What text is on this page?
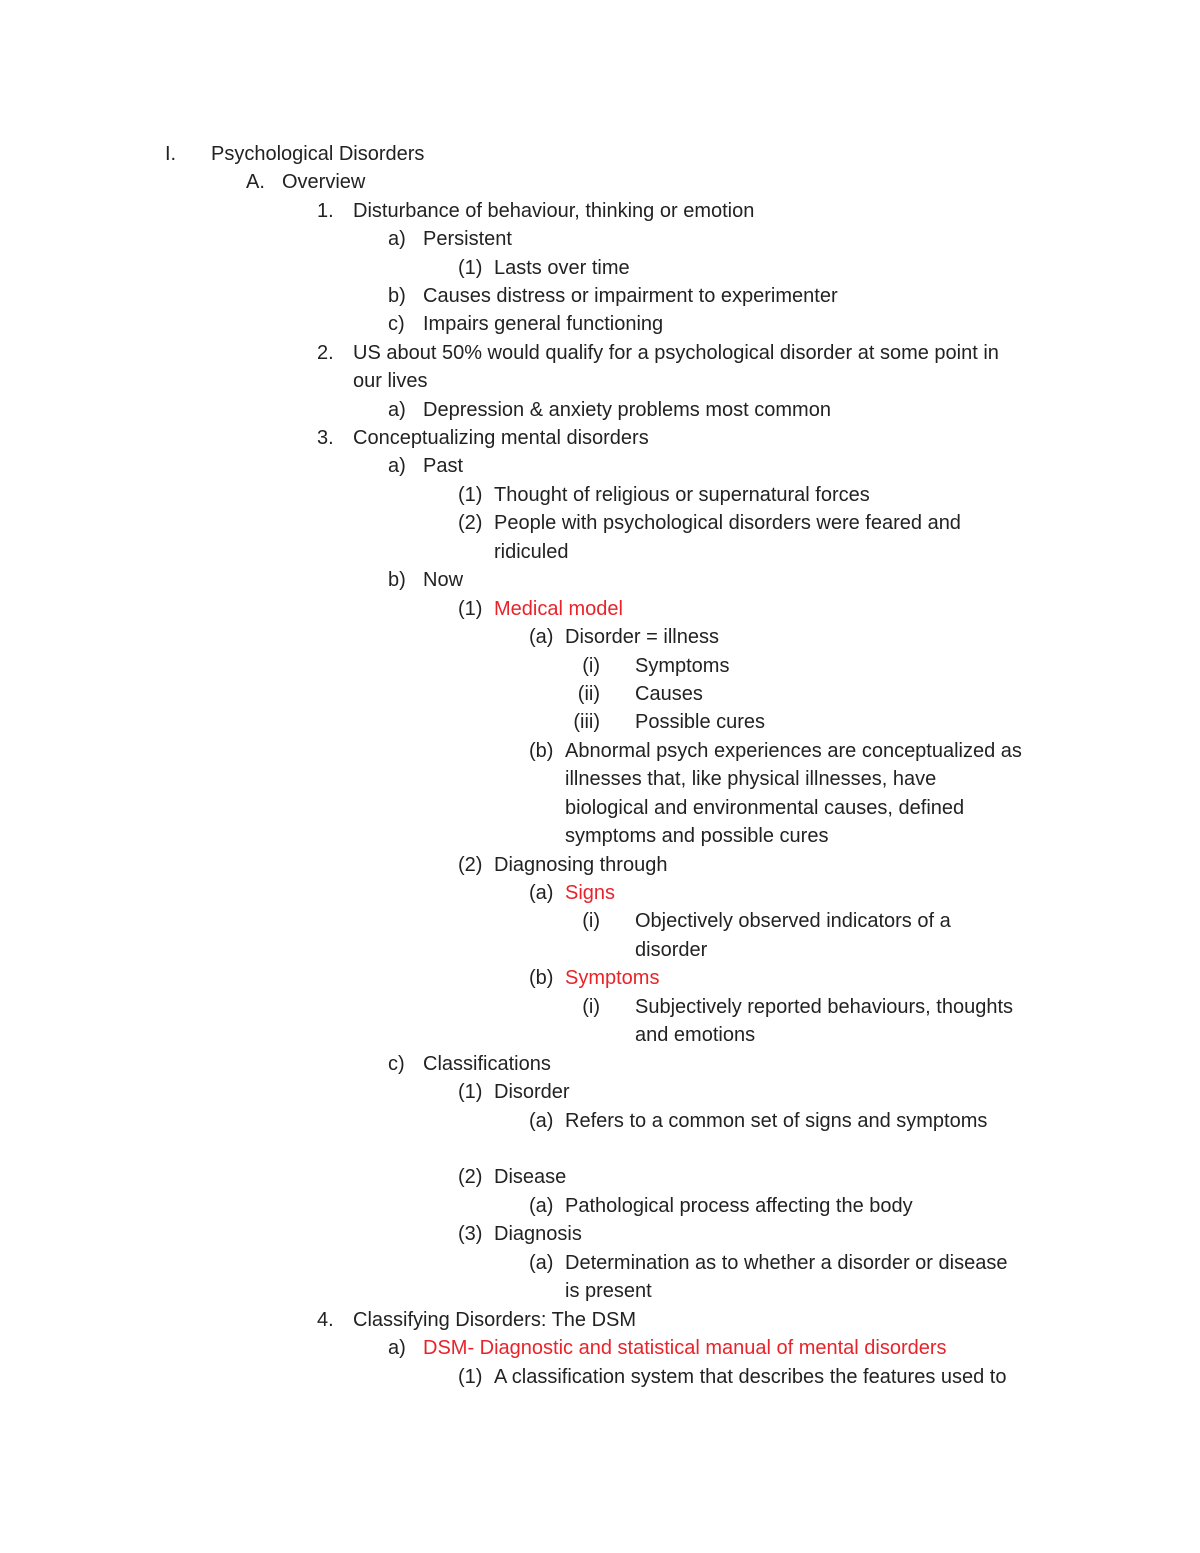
I. Psychological Disorders
A. Overview
1. Disturbance of behaviour, thinking or emotion
a) Persistent
(1) Lasts over time
b) Causes distress or impairment to experimenter
c) Impairs general functioning
2. US about 50% would qualify for a psychological disorder at some point in
our lives
a) Depression & anxiety problems most common
3. Conceptualizing mental disorders
a) Past
(1) Thought of religious or supernatural forces
(2) People with psychological disorders were feared and
ridiculed
b) Now
(1) Medical model
(a) Disorder = illness
(i) Symptoms
(ii) Causes
(iii) Possible cures
(b) Abnormal psych experiences are conceptualized as
illnesses that, like physical illnesses, have
biological and environmental causes, defined
symptoms and possible cures
(2) Diagnosing through
(a) Signs
(i) Objectively observed indicators of a
disorder
(b) Symptoms
(i) Subjectively reported behaviours, thoughts
and emotions
c) Classifications
(1) Disorder
(a) Refers to a common set of signs and symptoms
(2) Disease
(a) Pathological process affecting the body
(3) Diagnosis
(a) Determination as to whether a disorder or disease
is present
4. Classifying Disorders: The DSM
a) DSM- Diagnostic and statistical manual of mental disorders
(1) A classification system that describes the features used to
